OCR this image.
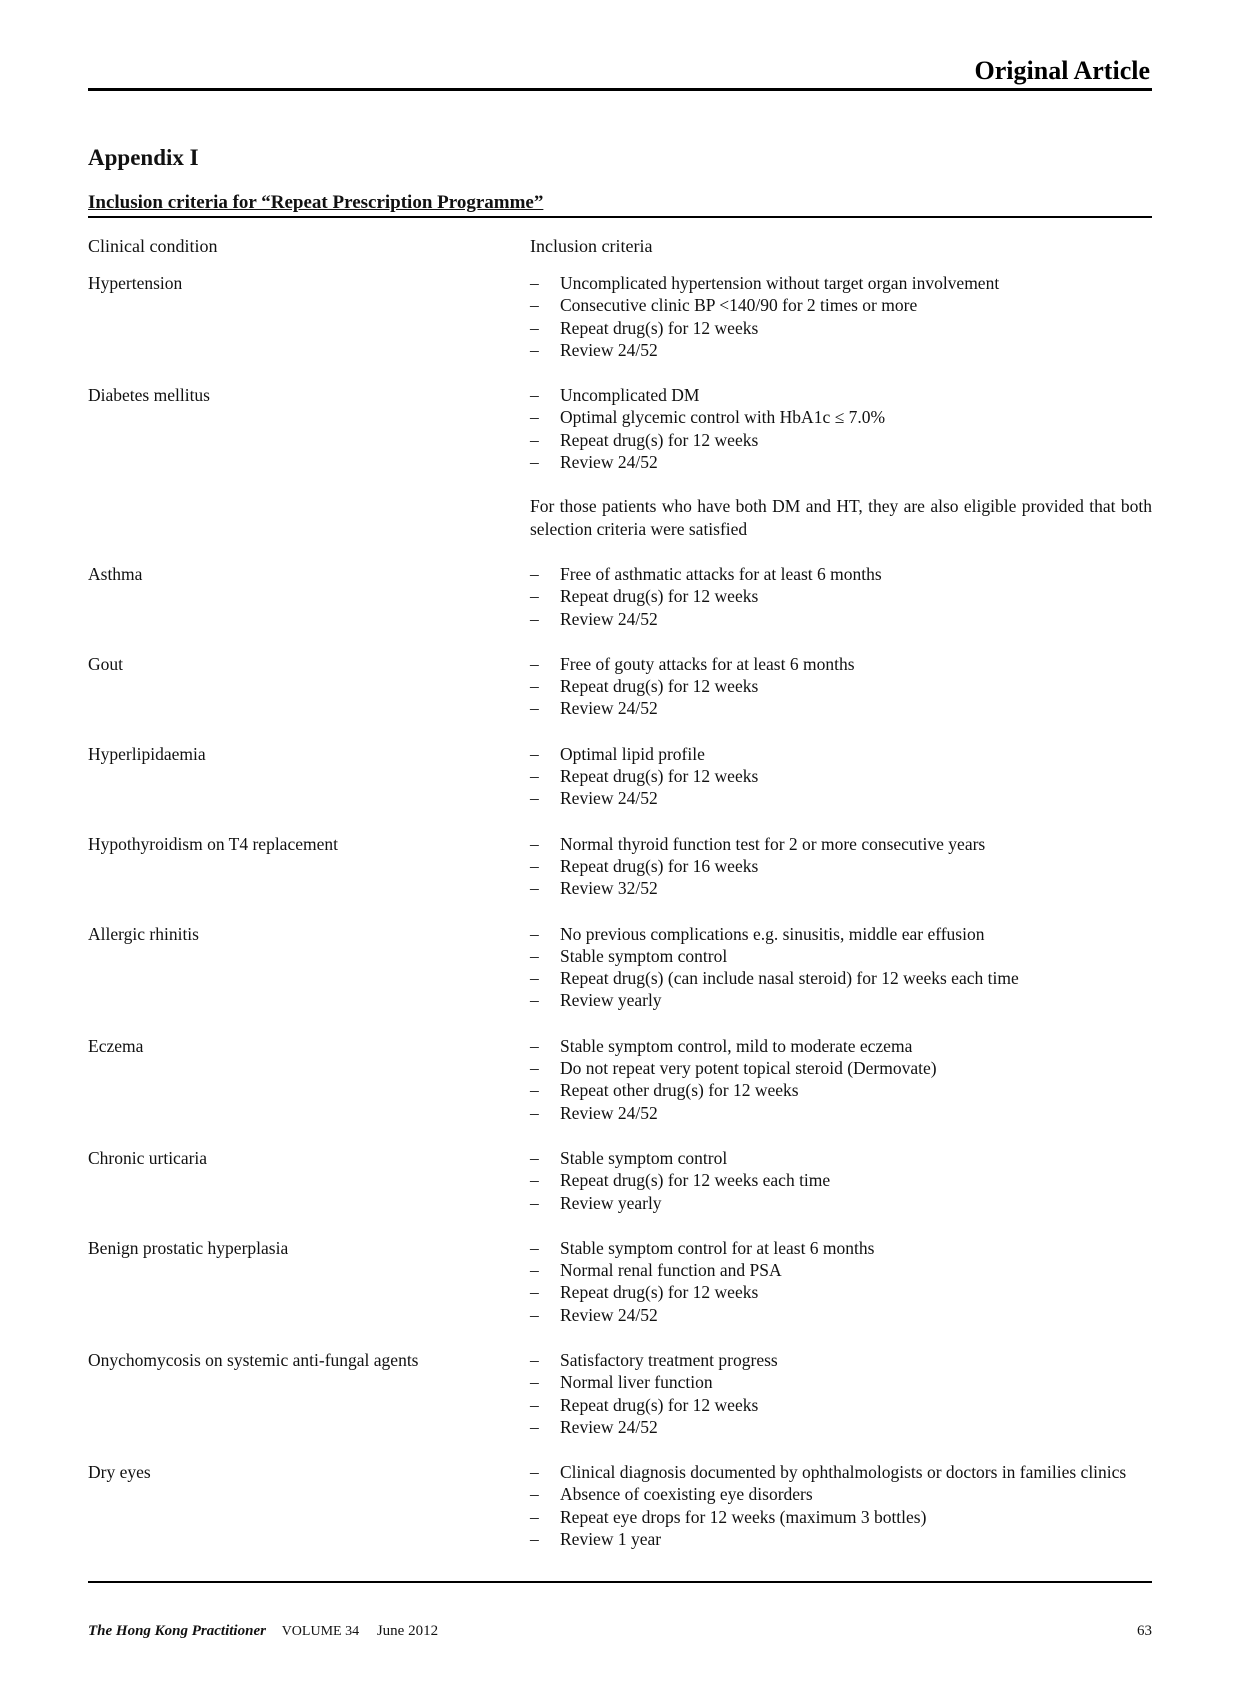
Original Article
Appendix I
Inclusion criteria for “Repeat Prescription Programme”
Clinical condition	Inclusion criteria
Hypertension	– Uncomplicated hypertension without target organ involvement
– Consecutive clinic BP <140/90 for 2 times or more
– Repeat drug(s) for 12 weeks
– Review 24/52
Diabetes mellitus	– Uncomplicated DM
– Optimal glycemic control with HbA1c ≤ 7.0%
– Repeat drug(s) for 12 weeks
– Review 24/52
For those patients who have both DM and HT, they are also eligible provided that both selection criteria were satisfied
Asthma	– Free of asthmatic attacks for at least 6 months
– Repeat drug(s) for 12 weeks
– Review 24/52
Gout	– Free of gouty attacks for at least 6 months
– Repeat drug(s) for 12 weeks
– Review 24/52
Hyperlipidaemia	– Optimal lipid profile
– Repeat drug(s) for 12 weeks
– Review 24/52
Hypothyroidism on T4 replacement	– Normal thyroid function test for 2 or more consecutive years
– Repeat drug(s) for 16 weeks
– Review 32/52
Allergic rhinitis	– No previous complications e.g. sinusitis, middle ear effusion
– Stable symptom control
– Repeat drug(s) (can include nasal steroid) for 12 weeks each time
– Review yearly
Eczema	– Stable symptom control, mild to moderate eczema
– Do not repeat very potent topical steroid (Dermovate)
– Repeat other drug(s) for 12 weeks
– Review 24/52
Chronic urticaria	– Stable symptom control
– Repeat drug(s) for 12 weeks each time
– Review yearly
Benign prostatic hyperplasia	– Stable symptom control for at least 6 months
– Normal renal function and PSA
– Repeat drug(s) for 12 weeks
– Review 24/52
Onychomycosis on systemic anti-fungal agents	– Satisfactory treatment progress
– Normal liver function
– Repeat drug(s) for 12 weeks
– Review 24/52
Dry eyes	– Clinical diagnosis documented by ophthalmologists or doctors in families clinics
– Absence of coexisting eye disorders
– Repeat eye drops for 12 weeks (maximum 3 bottles)
– Review 1 year
The Hong Kong Practitioner VOLUME 34 June 2012	63
